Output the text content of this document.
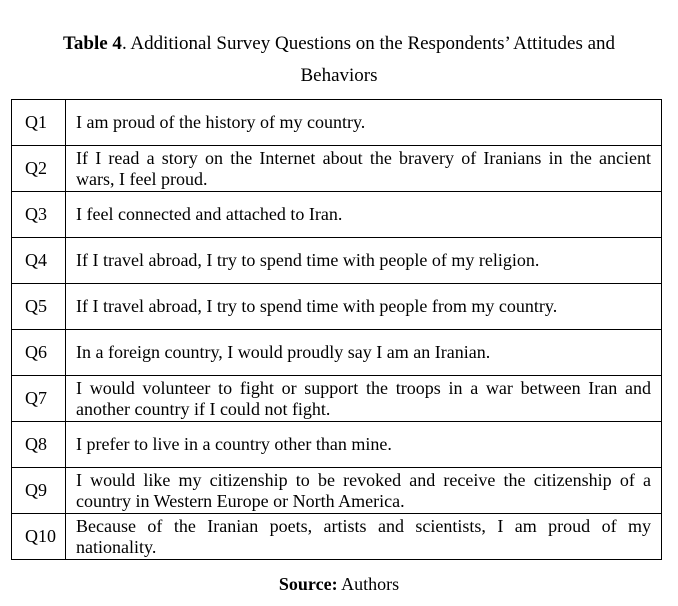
Table 4. Additional Survey Questions on the Respondents’ Attitudes and
Behaviors
Q1	I am proud of the history of my country.
Q2	If I read a story on the Internet about the bravery of Iranians in the ancient wars, I feel proud.
Q3	I feel connected and attached to Iran.
Q4	If I travel abroad, I try to spend time with people of my religion.
Q5	If I travel abroad, I try to spend time with people from my country.
Q6	In a foreign country, I would proudly say I am an Iranian.
Q7	I would volunteer to fight or support the troops in a war between Iran and another country if I could not fight.
Q8	I prefer to live in a country other than mine.
Q9	I would like my citizenship to be revoked and receive the citizenship of a country in Western Europe or North America.
Q10	Because of the Iranian poets, artists and scientists, I am proud of my nationality.
Source: Authors
